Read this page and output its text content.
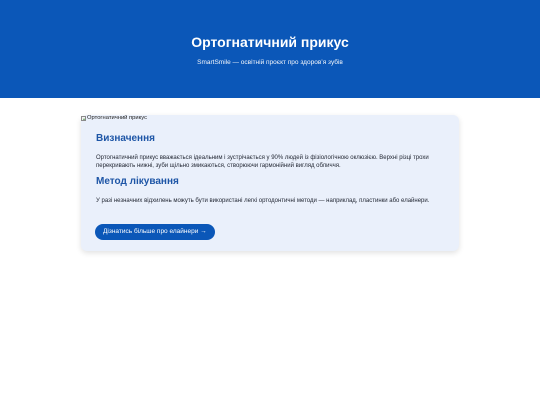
Ортогнатичний прикус
SmartSmile — освітній проєкт про здоров’я зубів
Ортогнатичний прикус
Визначення

Ортогнатичний прикус вважається ідеальним і зустрічається у 90% людей із фізіологічною оклюзією. Верхні різці трохи перекривають нижні, зуби щільно змикаються, створюючи гармонійний вигляд обличчя.

Метод лікування

У разі незначних відхилень можуть бути використані легкі ортодонтичні методи — наприклад, пластинки або елайнери.

Дізнатись більше про елайнери →
